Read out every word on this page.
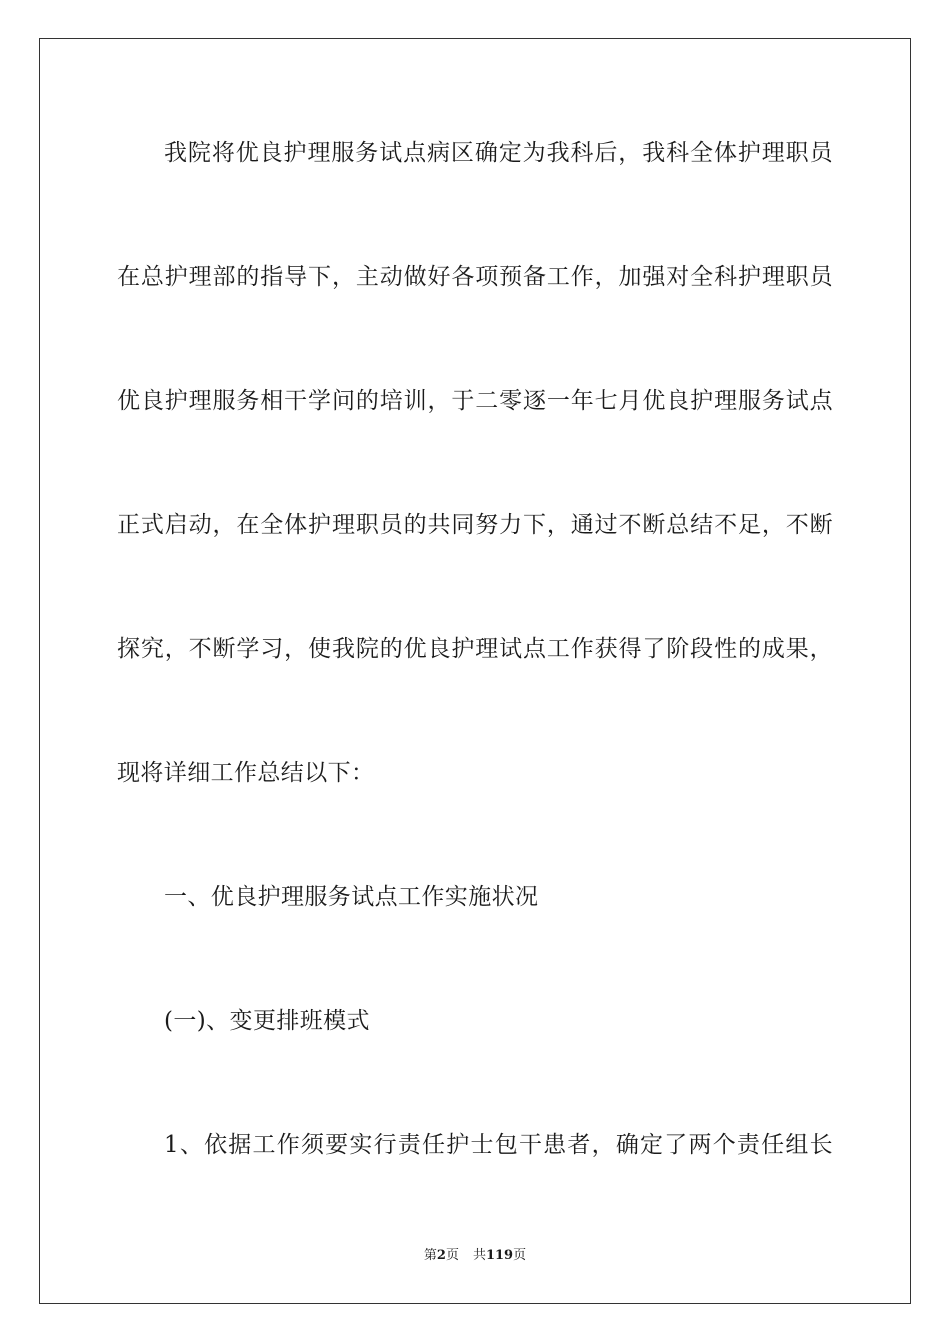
我院将优良护理服务试点病区确定为我科后，我科全体护理职员
在总护理部的指导下，主动做好各项预备工作，加强对全科护理职员
优良护理服务相干学问的培训，于二零逐一年七月优良护理服务试点
正式启动，在全体护理职员的共同努力下，通过不断总结不足，不断
探究，不断学习，使我院的优良护理试点工作获得了阶段性的成果，
现将详细工作总结以下：
一、优良护理服务试点工作实施状况
(一)、变更排班模式
1、依据工作须要实行责任护士包干患者，确定了两个责任组长
第2页 共119页
